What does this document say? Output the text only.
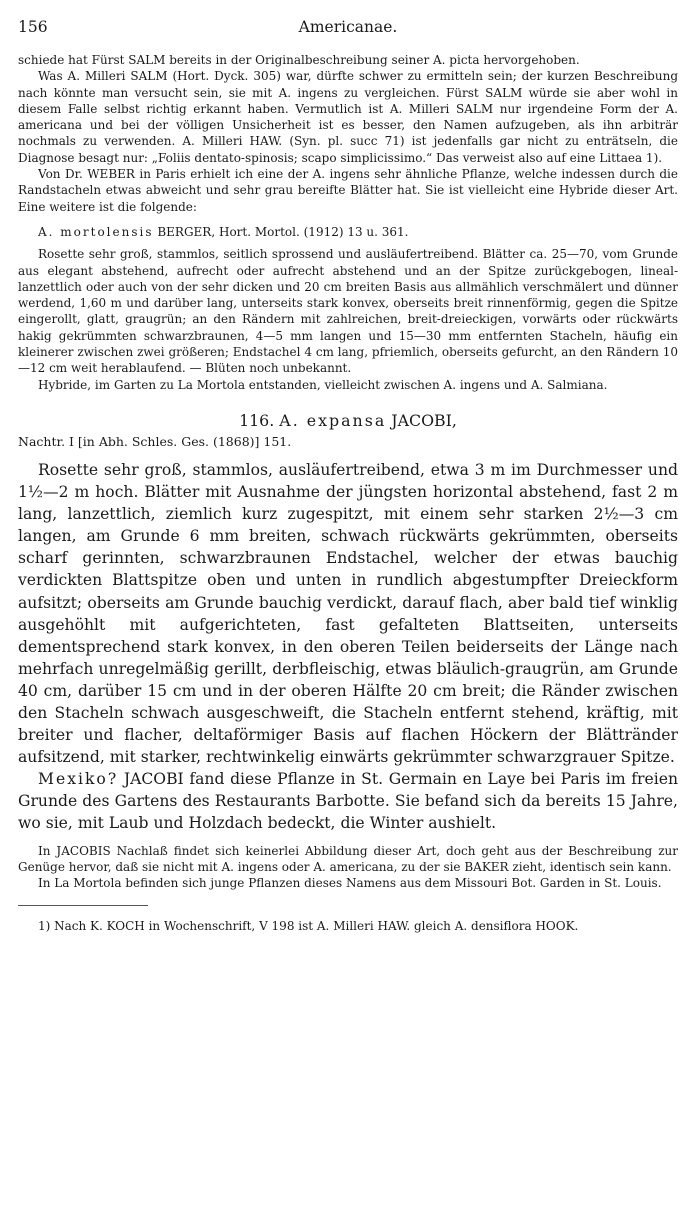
156	Americanae.

schiede hat Fürst SALM bereits in der Originalbeschreibung seiner A. picta hervorgehoben.

Was A. Milleri SALM (Hort. Dyck. 305) war, dürfte schwer zu ermitteln sein; der kurzen Beschreibung nach könnte man versucht sein, sie mit A. ingens zu vergleichen. Fürst SALM würde sie aber wohl in diesem Falle selbst richtig erkannt haben. Vermutlich ist A. Milleri SALM nur irgendeine Form der A. americana und bei der völligen Unsicherheit ist es besser, den Namen aufzugeben, als ihn arbiträr nochmals zu verwenden. A. Milleri HAW. (Syn. pl. succ 71) ist jedenfalls gar nicht zu enträtseln, die Diagnose besagt nur: „Foliis dentato-spinosis; scapo simplicissimo.“ Das verweist also auf eine Littaea 1).

Von Dr. WEBER in Paris erhielt ich eine der A. ingens sehr ähnliche Pflanze, welche indessen durch die Randstacheln etwas abweicht und sehr grau bereifte Blätter hat. Sie ist vielleicht eine Hybride dieser Art. Eine weitere ist die folgende:

A. mortolensis BERGER, Hort. Mortol. (1912) 13 u. 361.

Rosette sehr groß, stammlos, seitlich sprossend und ausläufertreibend. Blätter ca. 25—70, vom Grunde aus elegant abstehend, aufrecht oder aufrecht abstehend und an der Spitze zurückgebogen, lineal-lanzettlich oder auch von der sehr dicken und 20 cm breiten Basis aus allmählich verschmälert und dünner werdend, 1,60 m und darüber lang, unterseits stark konvex, oberseits breit rinnenförmig, gegen die Spitze eingerollt, glatt, graugrün; an den Rändern mit zahlreichen, breit-dreieckigen, vorwärts oder rückwärts hakig gekrümmten schwarzbraunen, 4—5 mm langen und 15—30 mm entfernten Stacheln, häufig ein kleinerer zwischen zwei größeren; Endstachel 4 cm lang, pfriemlich, oberseits gefurcht, an den Rändern 10—12 cm weit herablaufend. — Blüten noch unbekannt.

Hybride, im Garten zu La Mortola entstanden, vielleicht zwischen A. ingens und A. Salmiana.

116. A. expansa JACOBI,

Nachtr. I [in Abh. Schles. Ges. (1868)] 151.

Rosette sehr groß, stammlos, ausläufertreibend, etwa 3 m im Durchmesser und 1½—2 m hoch. Blätter mit Ausnahme der jüngsten horizontal abstehend, fast 2 m lang, lanzettlich, ziemlich kurz zugespitzt, mit einem sehr starken 2½—3 cm langen, am Grunde 6 mm breiten, schwach rückwärts gekrümmten, oberseits scharf gerinnten, schwarzbraunen Endstachel, welcher der etwas bauchig verdickten Blattspitze oben und unten in rundlich abgestumpfter Dreieckform aufsitzt; oberseits am Grunde bauchig verdickt, darauf flach, aber bald tief winklig ausgehöhlt mit aufgerichteten, fast gefalteten Blattseiten, unterseits dementsprechend stark konvex, in den oberen Teilen beiderseits der Länge nach mehrfach unregelmäßig gerillt, derbfleischig, etwas bläulich-graugrün, am Grunde 40 cm, darüber 15 cm und in der oberen Hälfte 20 cm breit; die Ränder zwischen den Stacheln schwach ausgeschweift, die Stacheln entfernt stehend, kräftig, mit breiter und flacher, deltaförmiger Basis auf flachen Höckern der Blättränder aufsitzend, mit starker, rechtwinkelig einwärts gekrümmter schwarzgrauer Spitze.

Mexiko? JACOBI fand diese Pflanze in St. Germain en Laye bei Paris im freien Grunde des Gartens des Restaurants Barbotte. Sie befand sich da bereits 15 Jahre, wo sie, mit Laub und Holzdach bedeckt, die Winter aushielt.

In JACOBIS Nachlaß findet sich keinerlei Abbildung dieser Art, doch geht aus der Beschreibung zur Genüge hervor, daß sie nicht mit A. ingens oder A. americana, zu der sie BAKER zieht, identisch sein kann.

In La Mortola befinden sich junge Pflanzen dieses Namens aus dem Missouri Bot. Garden in St. Louis.

1) Nach K. KOCH in Wochenschrift, V 198 ist A. Milleri HAW. gleich A. densiflora HOOK.
